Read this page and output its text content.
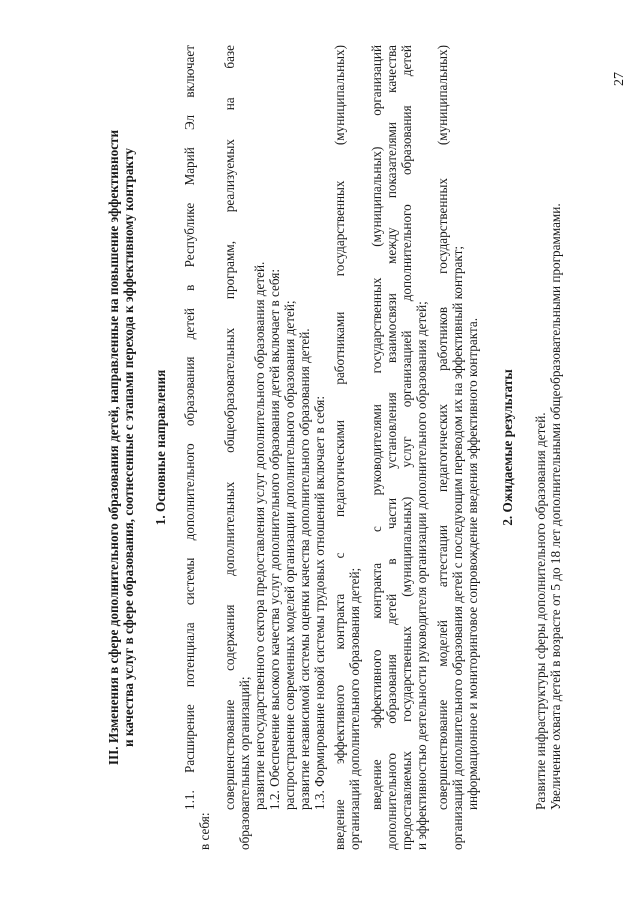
27
III. Изменения в сфере дополнительного образования детей, направленные на повышение эффективности и качества услуг в сфере образования, соотнесенные с этапами перехода к эффективному контракту 1. Основные направления 1.1. Расширение потенциала системы дополнительного образования детей в Республике Марий Эл включает
в себя:
совершенствование содержания дополнительных общеобразовательных программ, реализуемых на базе образовательных организаций; развитие негосударственного сектора предоставления услуг дополнительного образования детей. 1.2. Обеспечение высокого качества услуг дополнительного образования детей включает в себя: распространение современных моделей организации дополнительного образования детей; развитие независимой системы оценки качества дополнительного образования детей. 1.3. Формирование новой системы трудовых отношений включает в себя: введение эффективного контракта с педагогическими работниками государственных (муниципальных) организаций дополнительного образования детей; введение эффективного контракта с руководителями государственных (муниципальных) организаций дополнительного образования детей в части установления взаимосвязи между показателями качества предоставляемых государственных (муниципальных) услуг организацией дополнительного образования детей и эффективностью деятельности руководителя организации дополнительного образования детей; совершенствование моделей аттестации педагогических работников государственных (муниципальных) организаций дополнительного образования детей с последующим переводом их на эффективный контракт; информационное и мониторинговое сопровождение введения эффективного контракта. 2. Ожидаемые результаты Развитие инфраструктуры сферы дополнительного образования детей. Увеличение охвата детей в возрасте от 5 до 18 лет дополнительными общеобразовательными программами.
